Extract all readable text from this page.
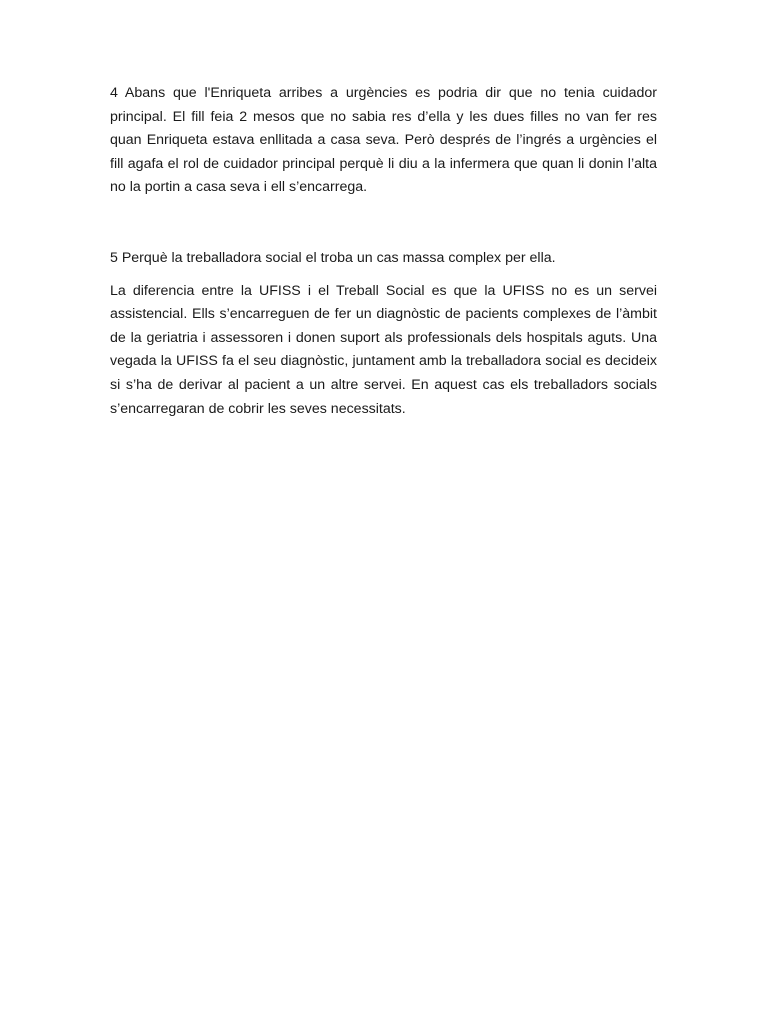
4 Abans que l'Enriqueta arribes a urgències es podria dir que no tenia cuidador principal. El fill feia 2 mesos que no sabia res d’ella y les dues filles no van fer res quan Enriqueta estava enllitada a casa seva. Però després de l’ingrés a urgències el fill agafa el rol de cuidador principal perquè li diu a la infermera que quan li donin l’alta no la portin a casa seva i ell s’encarrega.

5 Perquè la treballadora social el troba un cas massa complex per ella.

La diferencia entre la UFISS i el Treball Social es que la UFISS no es un servei assistencial. Ells s’encarreguen de fer un diagnòstic de pacients complexes de l’àmbit de la geriatria i assessoren i donen suport als professionals dels hospitals aguts. Una vegada la UFISS fa el seu diagnòstic, juntament amb la treballadora social es decideix si s’ha de derivar al pacient a un altre servei. En aquest cas els treballadors socials s’encarregaran de cobrir les seves necessitats.
